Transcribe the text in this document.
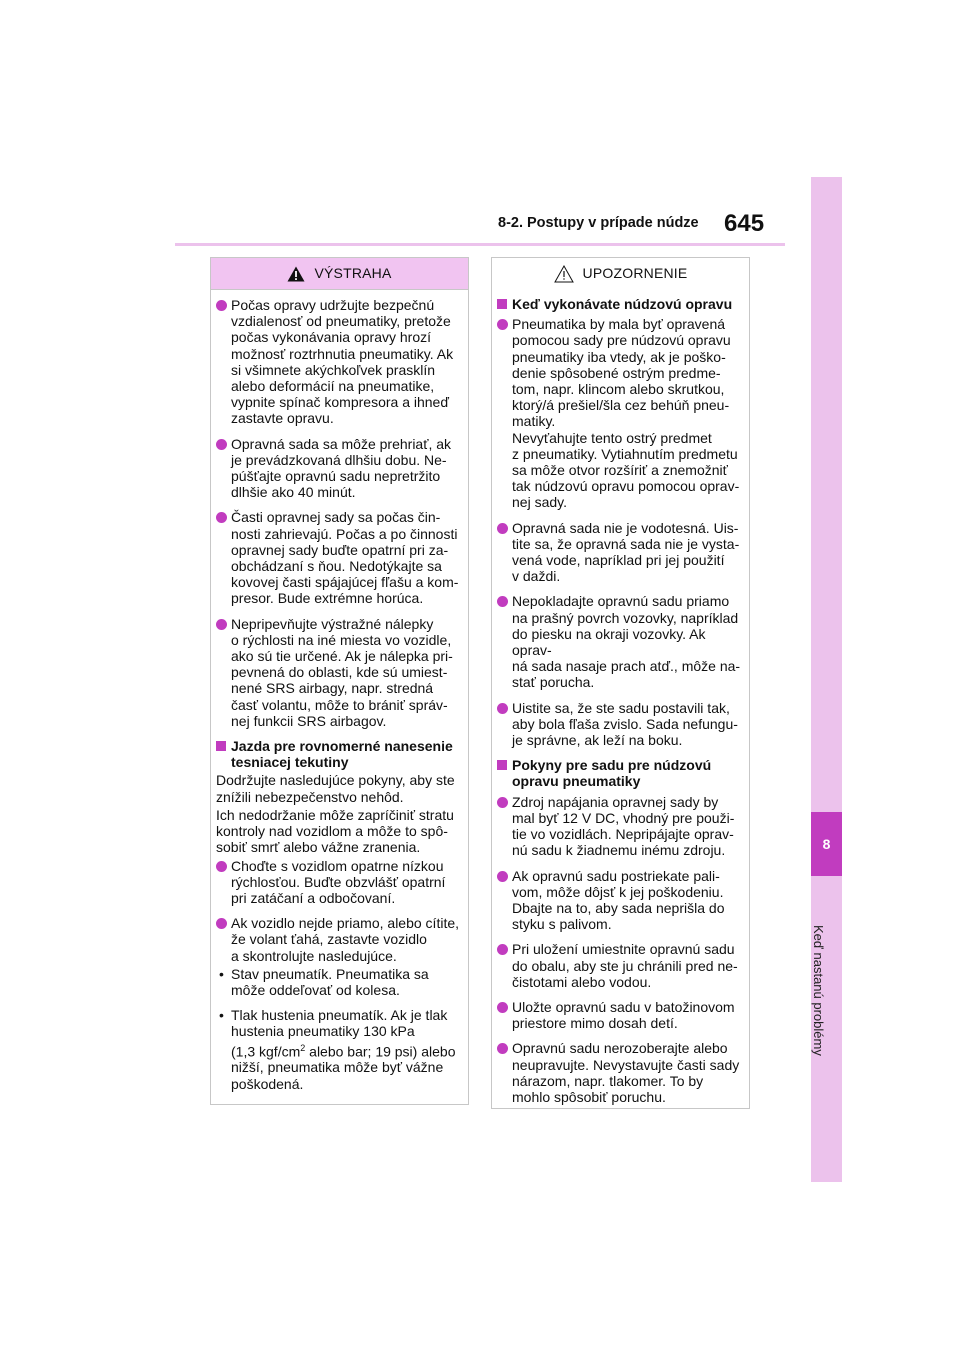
8-2. Postupy v prípade núdze 645
8
Keď nastanú problémy
VÝSTRAHA

Počas opravy udržujte bezpečnú
vzdialenosť od pneumatiky, pretože
počas vykonávania opravy hrozí
možnosť roztrhnutia pneumatiky. Ak
si všimnete akýchkoľvek prasklín
alebo deformácií na pneumatike,
vypnite spínač kompresora a ihneď
zastavte opravu.

Opravná sada sa môže prehriať, ak
je prevádzkovaná dlhšiu dobu. Ne-
púšťajte opravnú sadu nepretržito
dlhšie ako 40 minút.

Časti opravnej sady sa počas čin-
nosti zahrievajú. Počas a po činnosti
opravnej sady buďte opatrní pri za-
obchádzaní s ňou. Nedotýkajte sa
kovovej časti spájajúcej fľašu a kom-
presor. Bude extrémne horúca.

Nepripevňujte výstražné nálepky
o rýchlosti na iné miesta vo vozidle,
ako sú tie určené. Ak je nálepka pri-
pevnená do oblasti, kde sú umiest-
nené SRS airbagy, napr. stredná
časť volantu, môže to brániť správ-
nej funkcii SRS airbagov.

Jazda pre rovnomerné nanesenie
tesniacej tekutiny

Dodržujte nasledujúce pokyny, aby ste
znížili nebezpečenstvo nehôd.

Ich nedodržanie môže zapríčiniť stratu
kontroly nad vozidlom a môže to spô-
sobiť smrť alebo vážne zranenia.

Choďte s vozidlom opatrne nízkou
rýchlosťou. Buďte obzvlášť opatrní
pri zatáčaní a odbočovaní.

Ak vozidlo nejde priamo, alebo cítite,
že volant ťahá, zastavte vozidlo
a skontrolujte nasledujúce.

• Stav pneumatík. Pneumatika sa
môže oddeľovať od kolesa.

• Tlak hustenia pneumatík. Ak je tlak
hustenia pneumatiky 130 kPa
(1,3 kgf/$cm^2$ alebo bar; 19 psi) alebo
nižší, pneumatika môže byť vážne
poškodená.

UPOZORNENIE

Keď vykonávate núdzovú opravu

Pneumatika by mala byť opravená
pomocou sady pre núdzovú opravu
pneumatiky iba vtedy, ak je poško-
denie spôsobené ostrým predme-
tom, napr. klincom alebo skrutkou,
ktorý/á prešiel/šla cez behúň pneu-
matiky.
Nevyťahujte tento ostrý predmet
z pneumatiky. Vytiahnutím predmetu
sa môže otvor rozšíriť a znemožniť
tak núdzovú opravu pomocou oprav-
nej sady.

Opravná sada nie je vodotesná. Uis-
tite sa, že opravná sada nie je vysta-
vená vode, napríklad pri jej použití
v daždi.

Nepokladajte opravnú sadu priamo
na prašný povrch vozovky, napríklad
do piesku na okraji vozovky. Ak oprav-
ná sada nasaje prach atď., môže na-
stať porucha.

Uistite sa, že ste sadu postavili tak,
aby bola fľaša zvislo. Sada nefungu-
je správne, ak leží na boku.

Pokyny pre sadu pre núdzovú
opravu pneumatiky

Zdroj napájania opravnej sady by
mal byť 12 V DC, vhodný pre použi-
tie vo vozidlách. Nepripájajte oprav-
nú sadu k žiadnemu inému zdroju.

Ak opravnú sadu postriekate pali-
vom, môže dôjsť k jej poškodeniu.
Dbajte na to, aby sada neprišla do
styku s palivom.

Pri uložení umiestnite opravnú sadu
do obalu, aby ste ju chránili pred ne-
čistotami alebo vodou.

Uložte opravnú sadu v batožinovom
priestore mimo dosah detí.

Opravnú sadu nerozoberajte alebo
neupravujte. Nevystavujte časti sady
nárazom, napr. tlakomer. To by
mohlo spôsobiť poruchu.
